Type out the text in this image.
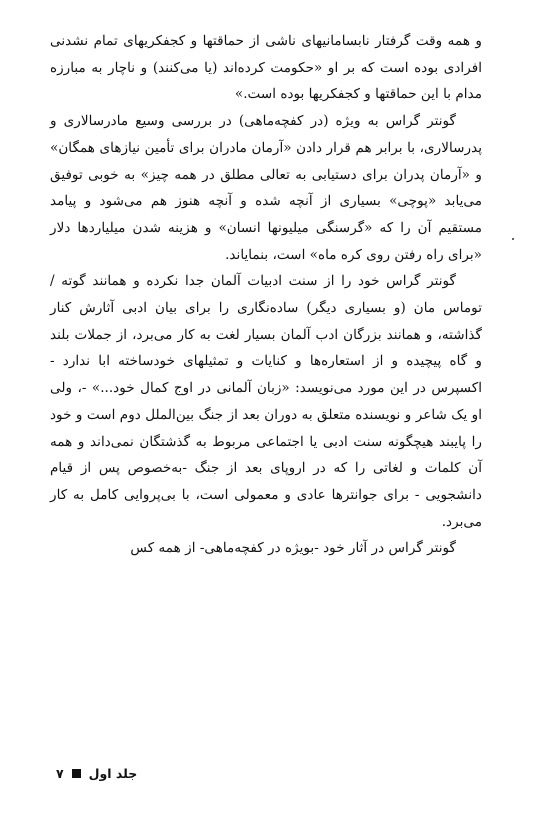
و همه وقت گرفتار نابسامانیهای ناشی از حماقتها و کجفکریهای تمام نشدنی افرادی بوده است که بر او «حکومت کرده‌اند (یا می‌کنند) و ناچار به مبارزه مدام با این حماقتها و کجفکریها بوده است.»

گونتر گراس به ویژه (در کفچه‌ماهی) در بررسی وسیع مادرسالاری و پدرسالاری، با برابر هم قرار دادن «آرمان مادران برای تأمین نیازهای همگان» و «آرمان پدران برای دستیابی به تعالی مطلق در همه چیز» به خوبی توفیق می‌یابد «پوچی» بسیاری از آنچه شده و آنچه هنوز هم می‌شود و پیامد مستقیم آن را که «گرسنگی میلیونها انسان» و هزینه شدن میلیاردها دلار «برای راه رفتن روی کره ماه» است، بنمایاند.

گونتر گراس خود را از سنت ادبیات آلمان جدا نکرده و همانند گوته / توماس مان (و بسیاری دیگر) ساده‌نگاری را برای بیان ادبی آثارش کنار گذاشته، و همانند بزرگان ادب آلمان بسیار لغت به کار می‌برد، از جملات بلند و گاه پیچیده و از استعاره‌ها و کنایات و تمثیلهای خودساخته ابا ندارد - اکسپرس در این مورد می‌نویسد: «زبان آلمانی در اوج کمال خود...» -، ولی او یک شاعر و نویسنده متعلق به دوران بعد از جنگ بین‌الملل دوم است و خود را پایبند هیچگونه سنت ادبی یا اجتماعی مربوط به گذشتگان نمی‌داند و همه آن کلمات و لغاتی را که در اروپای بعد از جنگ -به‌خصوص پس از قیام دانشجویی - برای جوانترها عادی و معمولی است، با بی‌پروایی کامل به کار می‌برد.

گونتر گراس در آثار خود -بویژه در کفچه‌ماهی- از همه کس

جلد اول
۷
